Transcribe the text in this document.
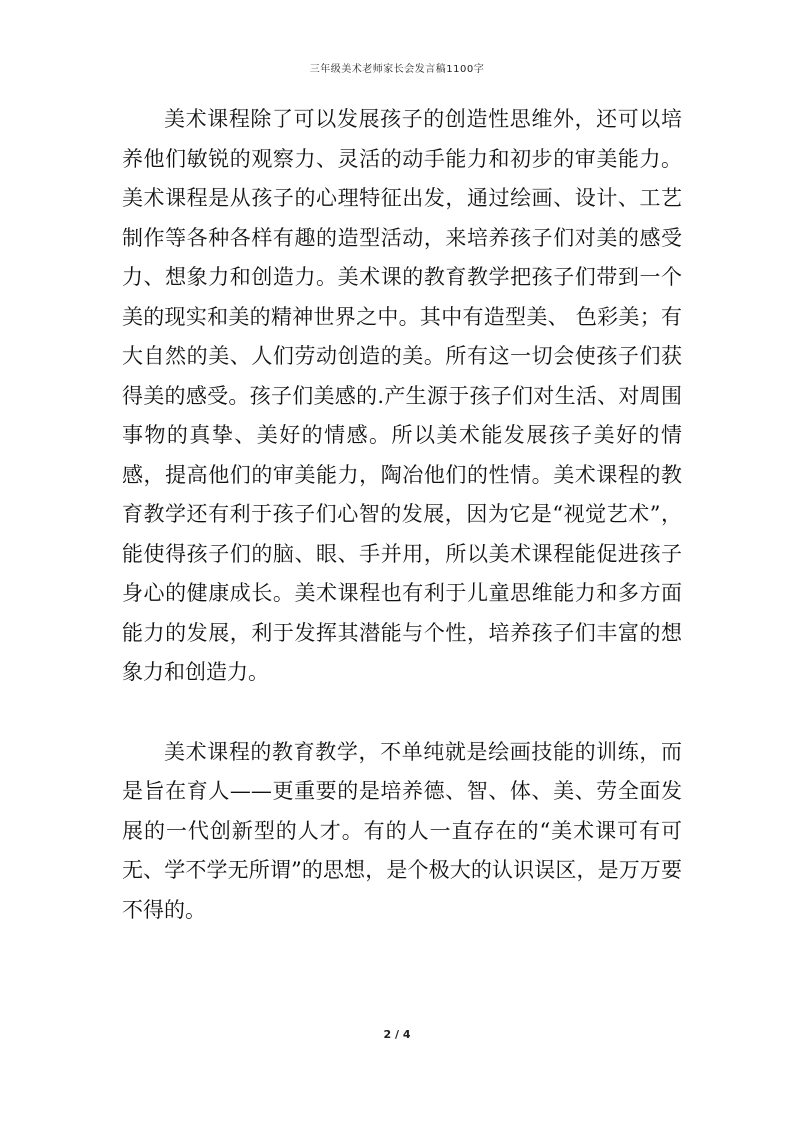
三年级美术老师家长会发言稿1100字

美术课程除了可以发展孩子的创造性思维外，还可以培养他们敏锐的观察力、灵活的动手能力和初步的审美能力。美术课程是从孩子的心理特征出发，通过绘画、设计、工艺制作等各种各样有趣的造型活动，来培养孩子们对美的感受力、想象力和创造力。美术课的教育教学把孩子们带到一个美的现实和美的精神世界之中。其中有造型美、 色彩美；有大自然的美、人们劳动创造的美。所有这一切会使孩子们获得美的感受。孩子们美感的.产生源于孩子们对生活、对周围事物的真挚、美好的情感。所以美术能发展孩子美好的情感，提高他们的审美能力，陶冶他们的性情。美术课程的教育教学还有利于孩子们心智的发展，因为它是“视觉艺术”，能使得孩子们的脑、眼、手并用，所以美术课程能促进孩子身心的健康成长。美术课程也有利于儿童思维能力和多方面能力的发展，利于发挥其潜能与个性，培养孩子们丰富的想象力和创造力。

美术课程的教育教学，不单纯就是绘画技能的训练，而是旨在育人——更重要的是培养德、智、体、美、劳全面发展的一代创新型的人才。有的人一直存在的“美术课可有可无、学不学无所谓”的思想，是个极大的认识误区，是万万要不得的。

2 / 4
